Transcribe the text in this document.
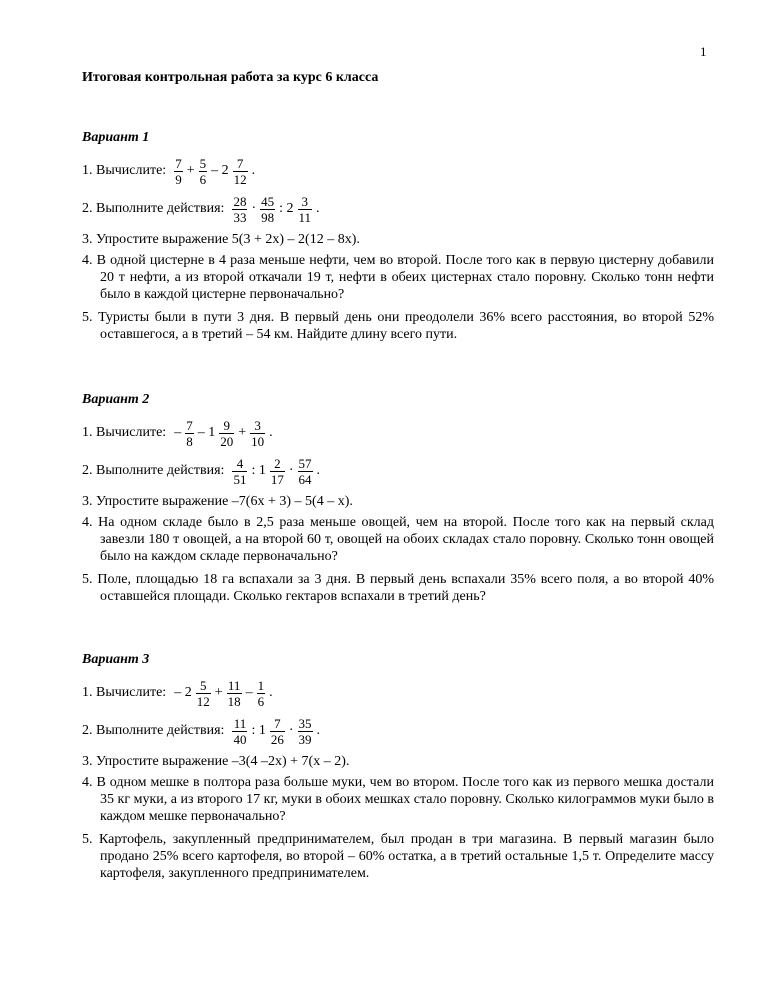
1
Итоговая контрольная работа за курс 6 класса
Вариант 1
1. Вычислите: $\frac{7}{9} + \frac{5}{6} - 2 \frac{7}{12}$ .
2. Выполните действия: $\frac{28}{33} \cdot \frac{45}{98}$ : $2 \frac{3}{11}$ .
3. Упростите выражение 5(3 + 2x) – 2(12 – 8x).
4. В одной цистерне в 4 раза меньше нефти, чем во второй. После того как в первую цистерну добавили 20 т нефти, а из второй откачали 19 т, нефти в обеих цистернах стало поровну. Сколько тонн нефти было в каждой цистерне первоначально?
5. Туристы были в пути 3 дня. В первый день они преодолели 36% всего расстояния, во второй 52% оставшегося, а в третий – 54 км. Найдите длину всего пути.
Вариант 2
1. Вычислите: – $\frac{7}{8} - 1 \frac{9}{20} + \frac{3}{10}$ .
2. Выполните действия: $\frac{4}{51}$ : $1 \frac{2}{17} \cdot \frac{57}{64}$ .
3. Упростите выражение –7(6x + 3) – 5(4 – x).
4. На одном складе было в 2,5 раза меньше овощей, чем на второй. После того как на первый склад завезли 180 т овощей, а на второй 60 т, овощей на обоих складах стало поровну. Сколько тонн овощей было на каждом складе первоначально?
5. Поле, площадью 18 га вспахали за 3 дня. В первый день вспахали 35% всего поля, а во второй 40% оставшейся площади. Сколько гектаров вспахали в третий день?
Вариант 3
1. Вычислите: – $2 \frac{5}{12} + \frac{11}{18} - \frac{1}{6}$ .
2. Выполните действия: $\frac{11}{40}$ : $1 \frac{7}{26} \cdot \frac{35}{39}$ .
3. Упростите выражение –3(4 –2x) + 7(x – 2).
4. В одном мешке в полтора раза больше муки, чем во втором. После того как из первого мешка достали 35 кг муки, а из второго 17 кг, муки в обоих мешках стало поровну. Сколько килограммов муки было в каждом мешке первоначально?
5. Картофель, закупленный предпринимателем, был продан в три магазина. В первый магазин было продано 25% всего картофеля, во второй – 60% остатка, а в третий остальные 1,5 т. Определите массу картофеля, закупленного предпринимателем.
